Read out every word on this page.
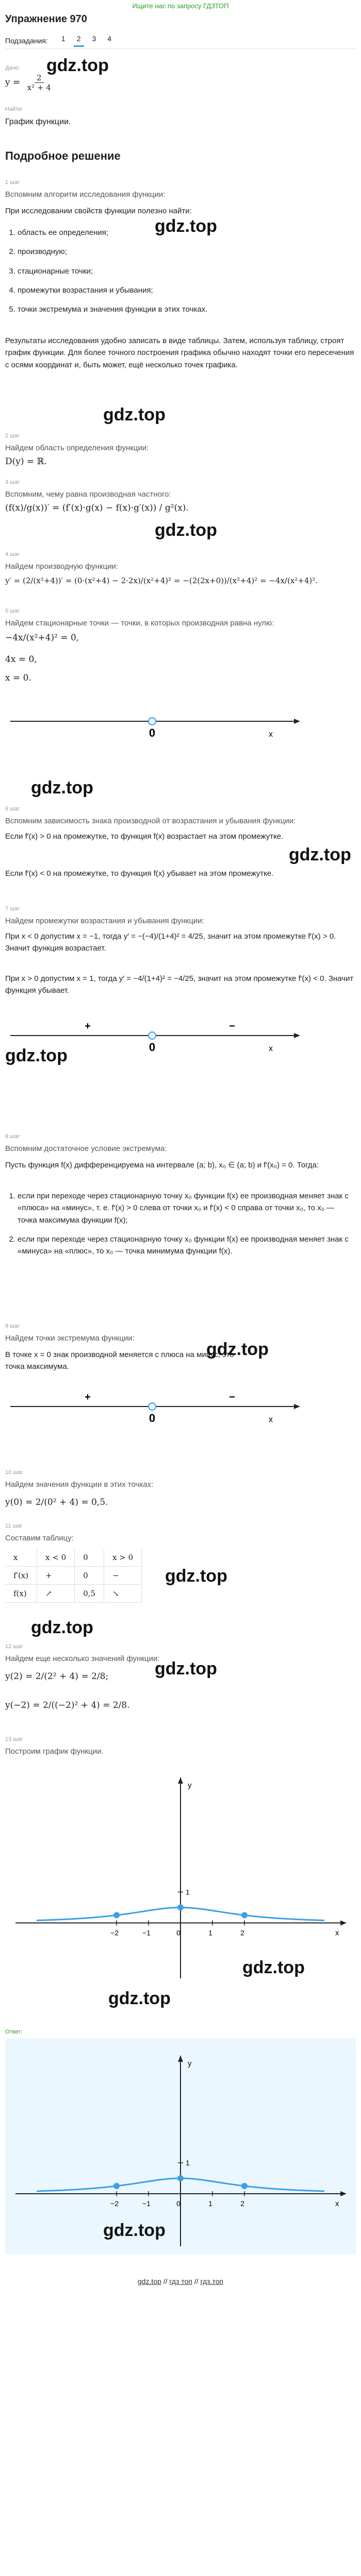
Ищите нас по запросу ГДЗТОП
Упражнение 970
Подзадания: 1 2 3 4
Дано:
$y = \frac{2}{\text{x² + 4}}$
gdz.top
Найти:
График функции.
Подробное решение
1 шаг
Вспомним алгоритм исследования функции:
При исследовании свойств функции полезно найти:
1. область ее определения;
2. производную;
3. стационарные точки;
4. промежутки возрастания и убывания;
5. точки экстремума и значения функции в этих точках.
gdz.top
Результаты исследования удобно записать в виде таблицы. Затем, используя таблицу, строят график функции. Для более точного построения графика обычно находят точки его пересечения с осями координат и, быть может, ещё несколько точек графика.
gdz.top
2 шаг
Найдем область определения функции:
D(y) = ℝ.
3 шаг
Вспомним, чему равна производная частного:
(f(x)/g(x))′ = (f′(x)·g(x) − f(x)·g′(x)) / g²(x).
gdz.top
4 шаг
Найдем производную функции:
y′ = (2/(x²+4))′ = (0·(x²+4) − 2·2x)/(x²+4)² = −(2(2x+0))/(x²+4)² = −4x/(x²+4)².
5 шаг
Найдем стационарные точки — точки, в которых производная равна нулю:
−4x/(x²+4)² = 0,
4x = 0,
x = 0.
0	x
gdz.top
6 шаг
Вспомним зависимость знака производной от возрастания и убывания функции:
Если f′(x) > 0 на промежутке, то функция f(x) возрастает на этом промежутке.
Если f′(x) < 0 на промежутке, то функция f(x) убывает на этом промежутке.
gdz.top
7 шаг
Найдем промежутки возрастания и убывания функции:
При x < 0 допустим x = −1, тогда y′ = −(−4)/(1+4)² = 4/25, значит на этом промежутке f′(x) > 0. Значит функция возрастает.
При x > 0 допустим x = 1, тогда y′ = −4/(1+4)² = −4/25, значит на этом промежутке f′(x) < 0. Значит функция убывает.
+	−
0	x
gdz.top
8 шаг
Вспомним достаточное условие экстремума:
Пусть функция f(x) дифференцируема на интервале (a; b), x₀ ∈ (a; b) и f′(x₀) = 0. Тогда:
1. если при переходе через стационарную точку x₀ функции f(x) ее производная меняет знак с «плюса» на «минус», т. е. f′(x) > 0 слева от точки x₀ и f′(x) < 0 справа от точки x₀, то x₀ — точка максимума функции f(x);
2. если при переходе через стационарную точку x₀ функции f(x) ее производная меняет знак с «минуса» на «плюс», то x₀ — точка минимума функции f(x).
9 шаг
Найдем точки экстремума функции:
В точке x = 0 знак производной меняется с плюса на минус, это точка максимума.
gdz.top
+	−
0	x
10 шаг
Найдем значения функции в этих точках:
y(0) = 2/(0² + 4) = 0,5.
11 шаг
Составим таблицу:
x	x < 0	0	x > 0
f′(x)	+	0	−
f(x)	↗	0,5	↘
gdz.top
gdz.top
12 шаг
Найдем еще несколько значений функции:
y(2) = 2/(2² + 4) = 2/8;
y(−2) = 2/((−2)² + 4) = 2/8.
gdz.top
13 шаг
Построим график функции.
y
x
−2	−1	0	1	2
1
gdz.top
gdz.top
Ответ:
y
x
−2	−1	0	1	2
1
gdz.top
gdz.top // гдз топ // гдз.топ
